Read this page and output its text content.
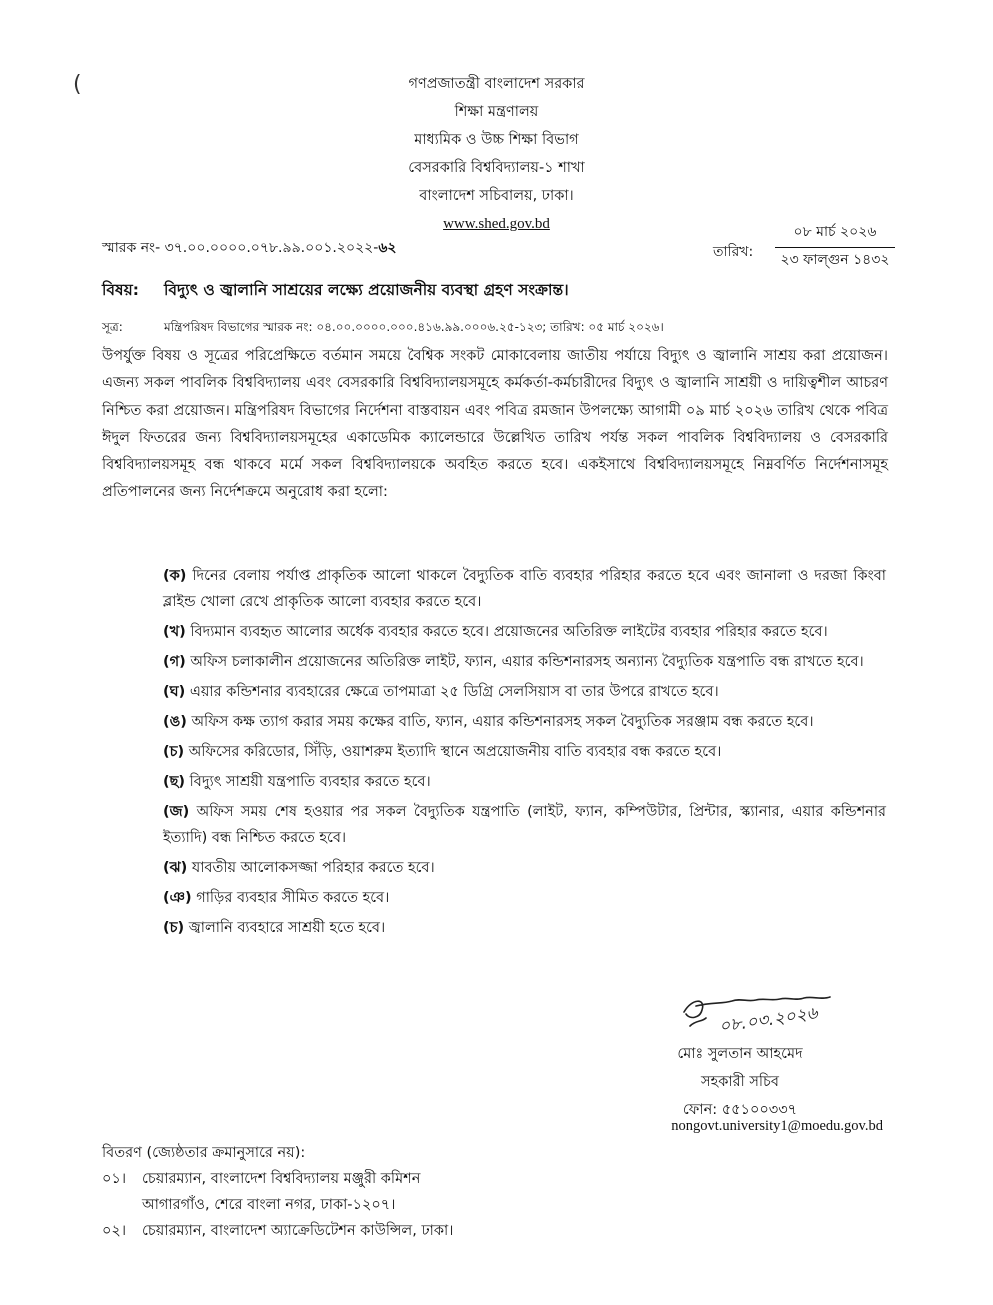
(	গণপ্রজাতন্ত্রী বাংলাদেশ সরকার
শিক্ষা মন্ত্রণালয়
মাধ্যমিক ও উচ্চ শিক্ষা বিভাগ
বেসরকারি বিশ্ববিদ্যালয়-১ শাখা
বাংলাদেশ সচিবালয়, ঢাকা।
www.shed.gov.bd
স্মারক নং- ৩৭.০০.০০০০.০৭৮.৯৯.০০১.২০২২-৬২	তারিখ:
০৮ মার্চ ২০২৬
২৩ ফাল্গুন ১৪৩২
বিষয়: বিদ্যুৎ ও জ্বালানি সাশ্রয়ের লক্ষ্যে প্রয়োজনীয় ব্যবস্থা গ্রহণ সংক্রান্ত।
সূত্র:	মন্ত্রিপরিষদ বিভাগের স্মারক নং: ০৪.০০.০০০০.০০০.৪১৬.৯৯.০০০৬.২৫-১২৩; তারিখ: ০৫ মার্চ ২০২৬।
উপর্যুক্ত বিষয় ও সূত্রের পরিপ্রেক্ষিতে বর্তমান সময়ে বৈশ্বিক সংকট মোকাবেলায় জাতীয় পর্যায়ে বিদ্যুৎ ও জ্বালানি সাশ্রয় করা প্রয়োজন। এজন্য সকল পাবলিক বিশ্ববিদ্যালয় এবং বেসরকারি বিশ্ববিদ্যালয়সমূহে কর্মকর্তা-কর্মচারীদের বিদ্যুৎ ও জ্বালানি সাশ্রয়ী ও দায়িত্বশীল আচরণ নিশ্চিত করা প্রয়োজন। মন্ত্রিপরিষদ বিভাগের নির্দেশনা বাস্তবায়ন এবং পবিত্র রমজান উপলক্ষ্যে আগামী ০৯ মার্চ ২০২৬ তারিখ থেকে পবিত্র ঈদুল ফিতরের জন্য বিশ্ববিদ্যালয়সমূহের একাডেমিক ক্যালেন্ডারে উল্লেখিত তারিখ পর্যন্ত সকল পাবলিক বিশ্ববিদ্যালয় ও বেসরকারি বিশ্ববিদ্যালয়সমূহ বন্ধ থাকবে মর্মে সকল বিশ্ববিদ্যালয়কে অবহিত করতে হবে। একইসাথে বিশ্ববিদ্যালয়সমূহে নিম্নবর্ণিত নির্দেশনাসমূহ প্রতিপালনের জন্য নির্দেশক্রমে অনুরোধ করা হলো:
(ক) দিনের বেলায় পর্যাপ্ত প্রাকৃতিক আলো থাকলে বৈদ্যুতিক বাতি ব্যবহার পরিহার করতে হবে এবং জানালা ও দরজা কিংবা ব্লাইন্ড খোলা রেখে প্রাকৃতিক আলো ব্যবহার করতে হবে।
(খ) বিদ্যমান ব্যবহৃত আলোর অর্ধেক ব্যবহার করতে হবে। প্রয়োজনের অতিরিক্ত লাইটের ব্যবহার পরিহার করতে হবে।
(গ) অফিস চলাকালীন প্রয়োজনের অতিরিক্ত লাইট, ফ্যান, এয়ার কন্ডিশনারসহ অন্যান্য বৈদ্যুতিক যন্ত্রপাতি বন্ধ রাখতে হবে।
(ঘ) এয়ার কন্ডিশনার ব্যবহারের ক্ষেত্রে তাপমাত্রা ২৫ ডিগ্রি সেলসিয়াস বা তার উপরে রাখতে হবে।
(ঙ) অফিস কক্ষ ত্যাগ করার সময় কক্ষের বাতি, ফ্যান, এয়ার কন্ডিশনারসহ সকল বৈদ্যুতিক সরঞ্জাম বন্ধ করতে হবে।
(চ) অফিসের করিডোর, সিঁড়ি, ওয়াশরুম ইত্যাদি স্থানে অপ্রয়োজনীয় বাতি ব্যবহার বন্ধ করতে হবে।
(ছ) বিদ্যুৎ সাশ্রয়ী যন্ত্রপাতি ব্যবহার করতে হবে।
(জ) অফিস সময় শেষ হওয়ার পর সকল বৈদ্যুতিক যন্ত্রপাতি (লাইট, ফ্যান, কম্পিউটার, প্রিন্টার, স্ক্যানার, এয়ার কন্ডিশনার ইত্যাদি) বন্ধ নিশ্চিত করতে হবে।
(ঝ) যাবতীয় আলোকসজ্জা পরিহার করতে হবে।
(ঞ) গাড়ির ব্যবহার সীমিত করতে হবে।
(চ) জ্বালানি ব্যবহারে সাশ্রয়ী হতে হবে।
০৮.০৩.২০২৬
মোঃ সুলতান আহমেদ
সহকারী সচিব
ফোন: ৫৫১০০৩৩৭
nongovt.university1@moedu.gov.bd
বিতরণ (জ্যেষ্ঠতার ক্রমানুসারে নয়):
০১।	চেয়ারম্যান, বাংলাদেশ বিশ্ববিদ্যালয় মঞ্জুরী কমিশন
আগারগাঁও, শেরে বাংলা নগর, ঢাকা-১২০৭।
০২।	চেয়ারম্যান, বাংলাদেশ অ্যাক্রেডিটেশন কাউন্সিল, ঢাকা।
